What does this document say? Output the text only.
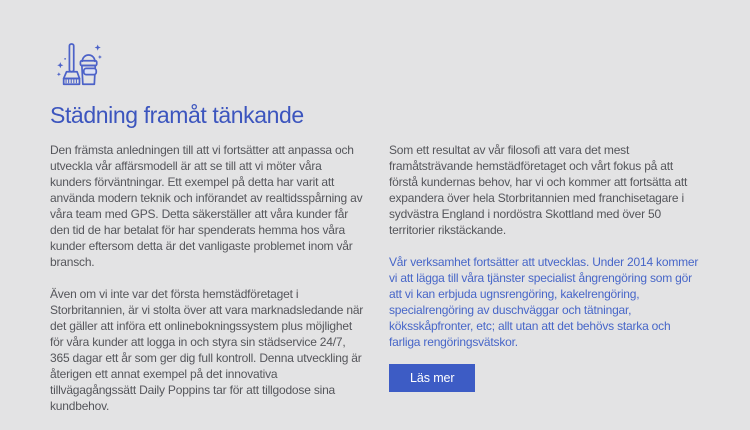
Städning framåt tänkande

Den främsta anledningen till att vi fortsätter att anpassa och utveckla vår affärsmodell är att se till att vi möter våra kunders förväntningar. Ett exempel på detta har varit att använda modern teknik och införandet av realtidsspårning av våra team med GPS. Detta säkerställer att våra kunder får den tid de har betalat för har spenderats hemma hos våra kunder eftersom detta är det vanligaste problemet inom vår bransch.

Även om vi inte var det första hemstädföretaget i Storbritannien, är vi stolta över att vara marknadsledande när det gäller att införa ett onlinebokningssystem plus möjlighet för våra kunder att logga in och styra sin städservice 24/7, 365 dagar ett år som ger dig full kontroll. Denna utveckling är återigen ett annat exempel på det innovativa tillvägagångssätt Daily Poppins tar för att tillgodose sina kundbehov.

Som ett resultat av vår filosofi att vara det mest framåtsträvande hemstädföretaget och vårt fokus på att förstå kundernas behov, har vi och kommer att fortsätta att expandera över hela Storbritannien med franchisetagare i sydvästra England i nordöstra Skottland med över 50 territorier rikstäckande.

Vår verksamhet fortsätter att utvecklas. Under 2014 kommer vi att lägga till våra tjänster specialist ångrengöring som gör att vi kan erbjuda ugnsrengöring, kakelrengöring, specialrengöring av duschväggar och tätningar, köksskåpfronter, etc; allt utan att det behövs starka och farliga rengöringsvätskor.

Läs mer
